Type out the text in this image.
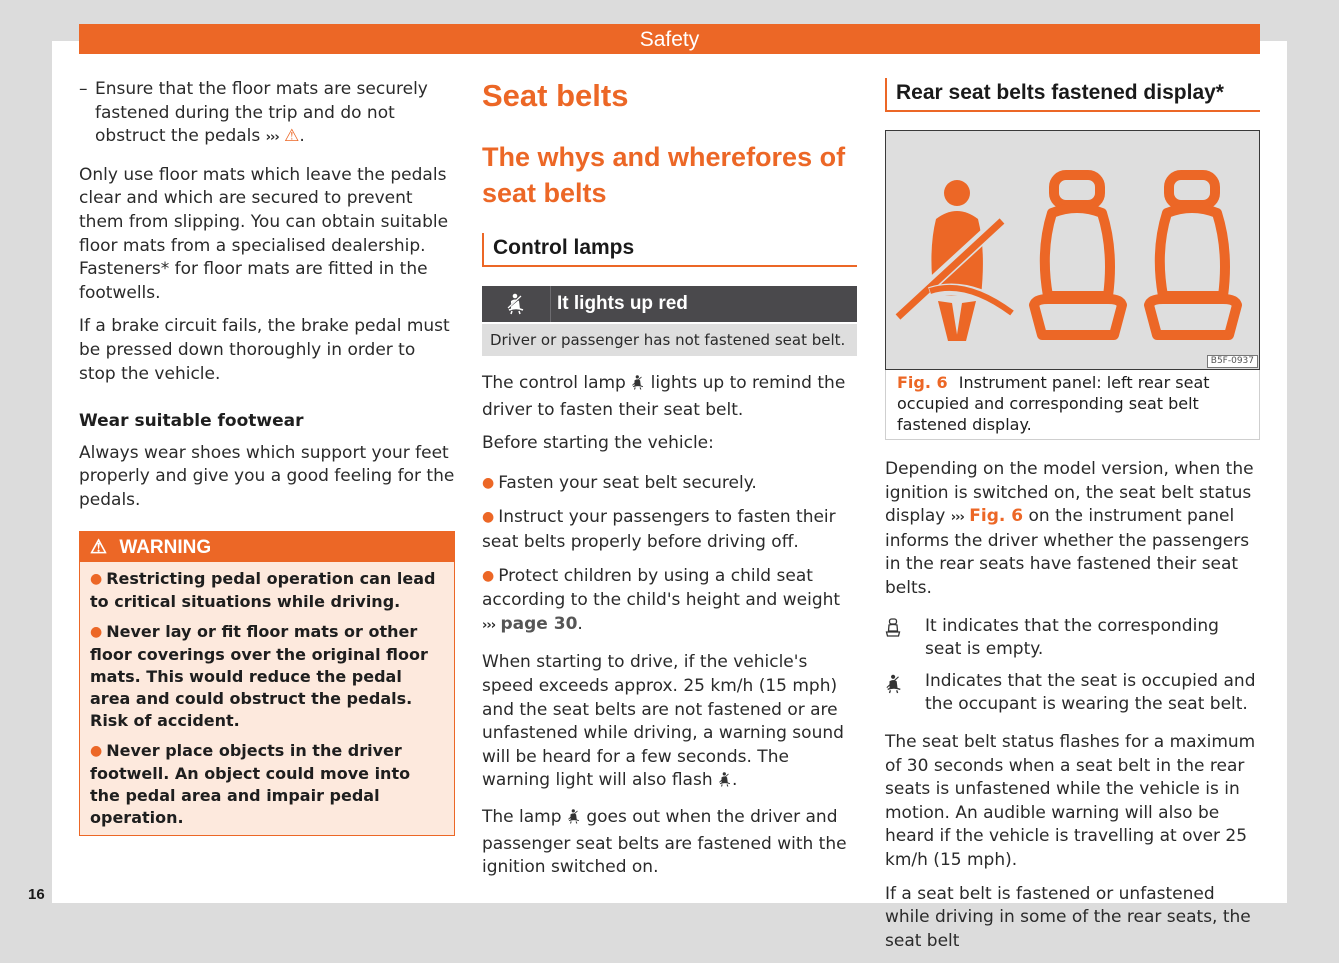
Safety
– Ensure that the floor mats are securely fastened during the trip and do not obstruct the pedals ››› ⚠.

Only use floor mats which leave the pedals clear and which are secured to prevent them from slipping. You can obtain suitable floor mats from a specialised dealership. Fasteners* for floor mats are fitted in the footwells.

If a brake circuit fails, the brake pedal must be pressed down thoroughly in order to stop the vehicle.

Wear suitable footwear

Always wear shoes which support your feet properly and give you a good feeling for the pedals.

⚠ WARNING

● Restricting pedal operation can lead to critical situations while driving.

● Never lay or fit floor mats or other floor coverings over the original floor mats. This would reduce the pedal area and could obstruct the pedals. Risk of accident.

● Never place objects in the driver footwell. An object could move into the pedal area and impair pedal operation.

Seat belts
The whys and wherefores of seat belts
Control lamps
It lights up red
Driver or passenger has not fastened seat belt.

The control lamp lights up to remind the driver to fasten their seat belt.

Before starting the vehicle:

● Fasten your seat belt securely.

● Instruct your passengers to fasten their seat belts properly before driving off.

● Protect children by using a child seat according to the child's height and weight ››› page 30.

When starting to drive, if the vehicle's speed exceeds approx. 25 km/h (15 mph) and the seat belts are not fastened or are unfastened while driving, a warning sound will be heard for a few seconds. The warning light will also flash .

The lamp goes out when the driver and passenger seat belts are fastened with the ignition switched on.

Rear seat belts fastened display*
B5F-0937
Fig. 6 Instrument panel: left rear seat occupied and corresponding seat belt fastened display.

Depending on the model version, when the ignition is switched on, the seat belt status display ››› Fig. 6 on the instrument panel informs the driver whether the passengers in the rear seats have fastened their seat belts.

It indicates that the corresponding seat is empty.
Indicates that the seat is occupied and the occupant is wearing the seat belt.

The seat belt status flashes for a maximum of 30 seconds when a seat belt in the rear seats is unfastened while the vehicle is in motion. An audible warning will also be heard if the vehicle is travelling at over 25 km/h (15 mph).

If a seat belt is fastened or unfastened while driving in some of the rear seats, the seat belt

16
